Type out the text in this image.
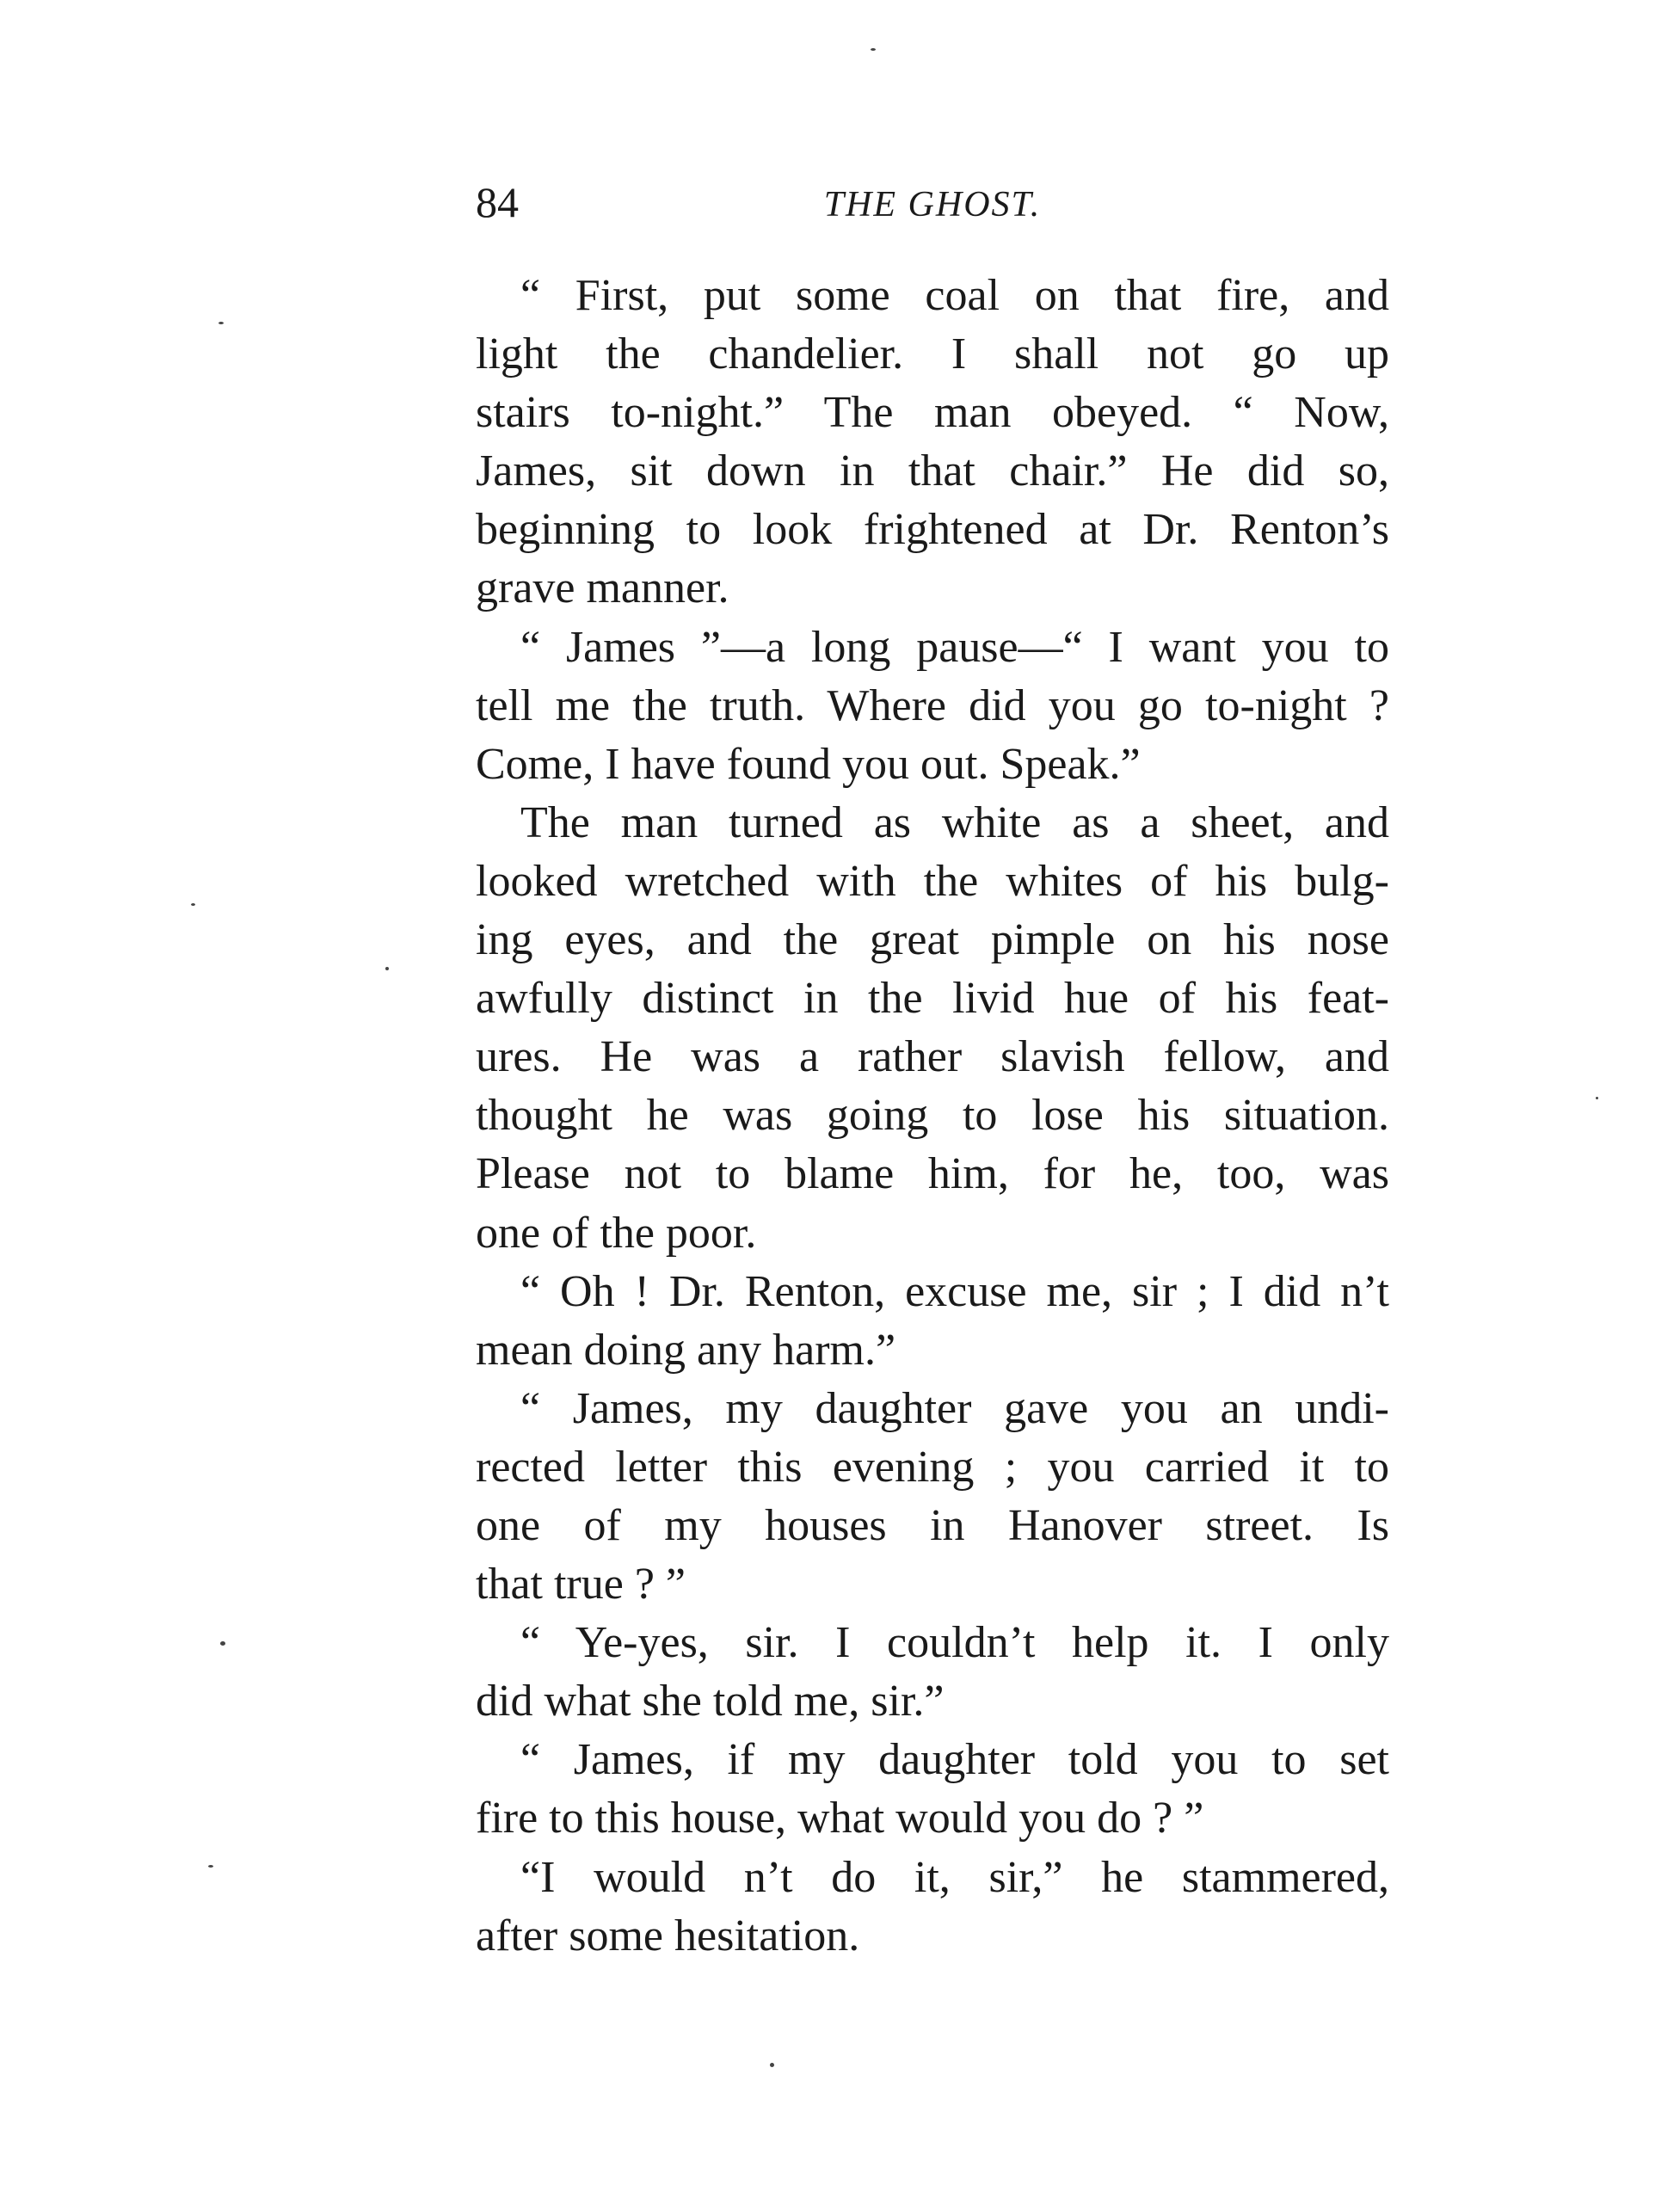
84	THE GHOST.
“ First, put some coal on that fire, and
light the chandelier. I shall not go up
stairs to-night.” The man obeyed. “ Now,
James, sit down in that chair.” He did so,
beginning to look frightened at Dr. Renton’s
grave manner.
“ James ”—a long pause—“ I want you to
tell me the truth. Where did you go to-night ?
Come, I have found you out. Speak.”
The man turned as white as a sheet, and
looked wretched with the whites of his bulg-
ing eyes, and the great pimple on his nose
awfully distinct in the livid hue of his feat-
ures. He was a rather slavish fellow, and
thought he was going to lose his situation.
Please not to blame him, for he, too, was
one of the poor.
“ Oh ! Dr. Renton, excuse me, sir ; I did n’t
mean doing any harm.”
“ James, my daughter gave you an undi-
rected letter this evening ; you carried it to
one of my houses in Hanover street. Is
that true ? ”
“ Ye-yes, sir. I couldn’t help it. I only
did what she told me, sir.”
“ James, if my daughter told you to set
fire to this house, what would you do ? ”
“I would n’t do it, sir,” he stammered,
after some hesitation.
